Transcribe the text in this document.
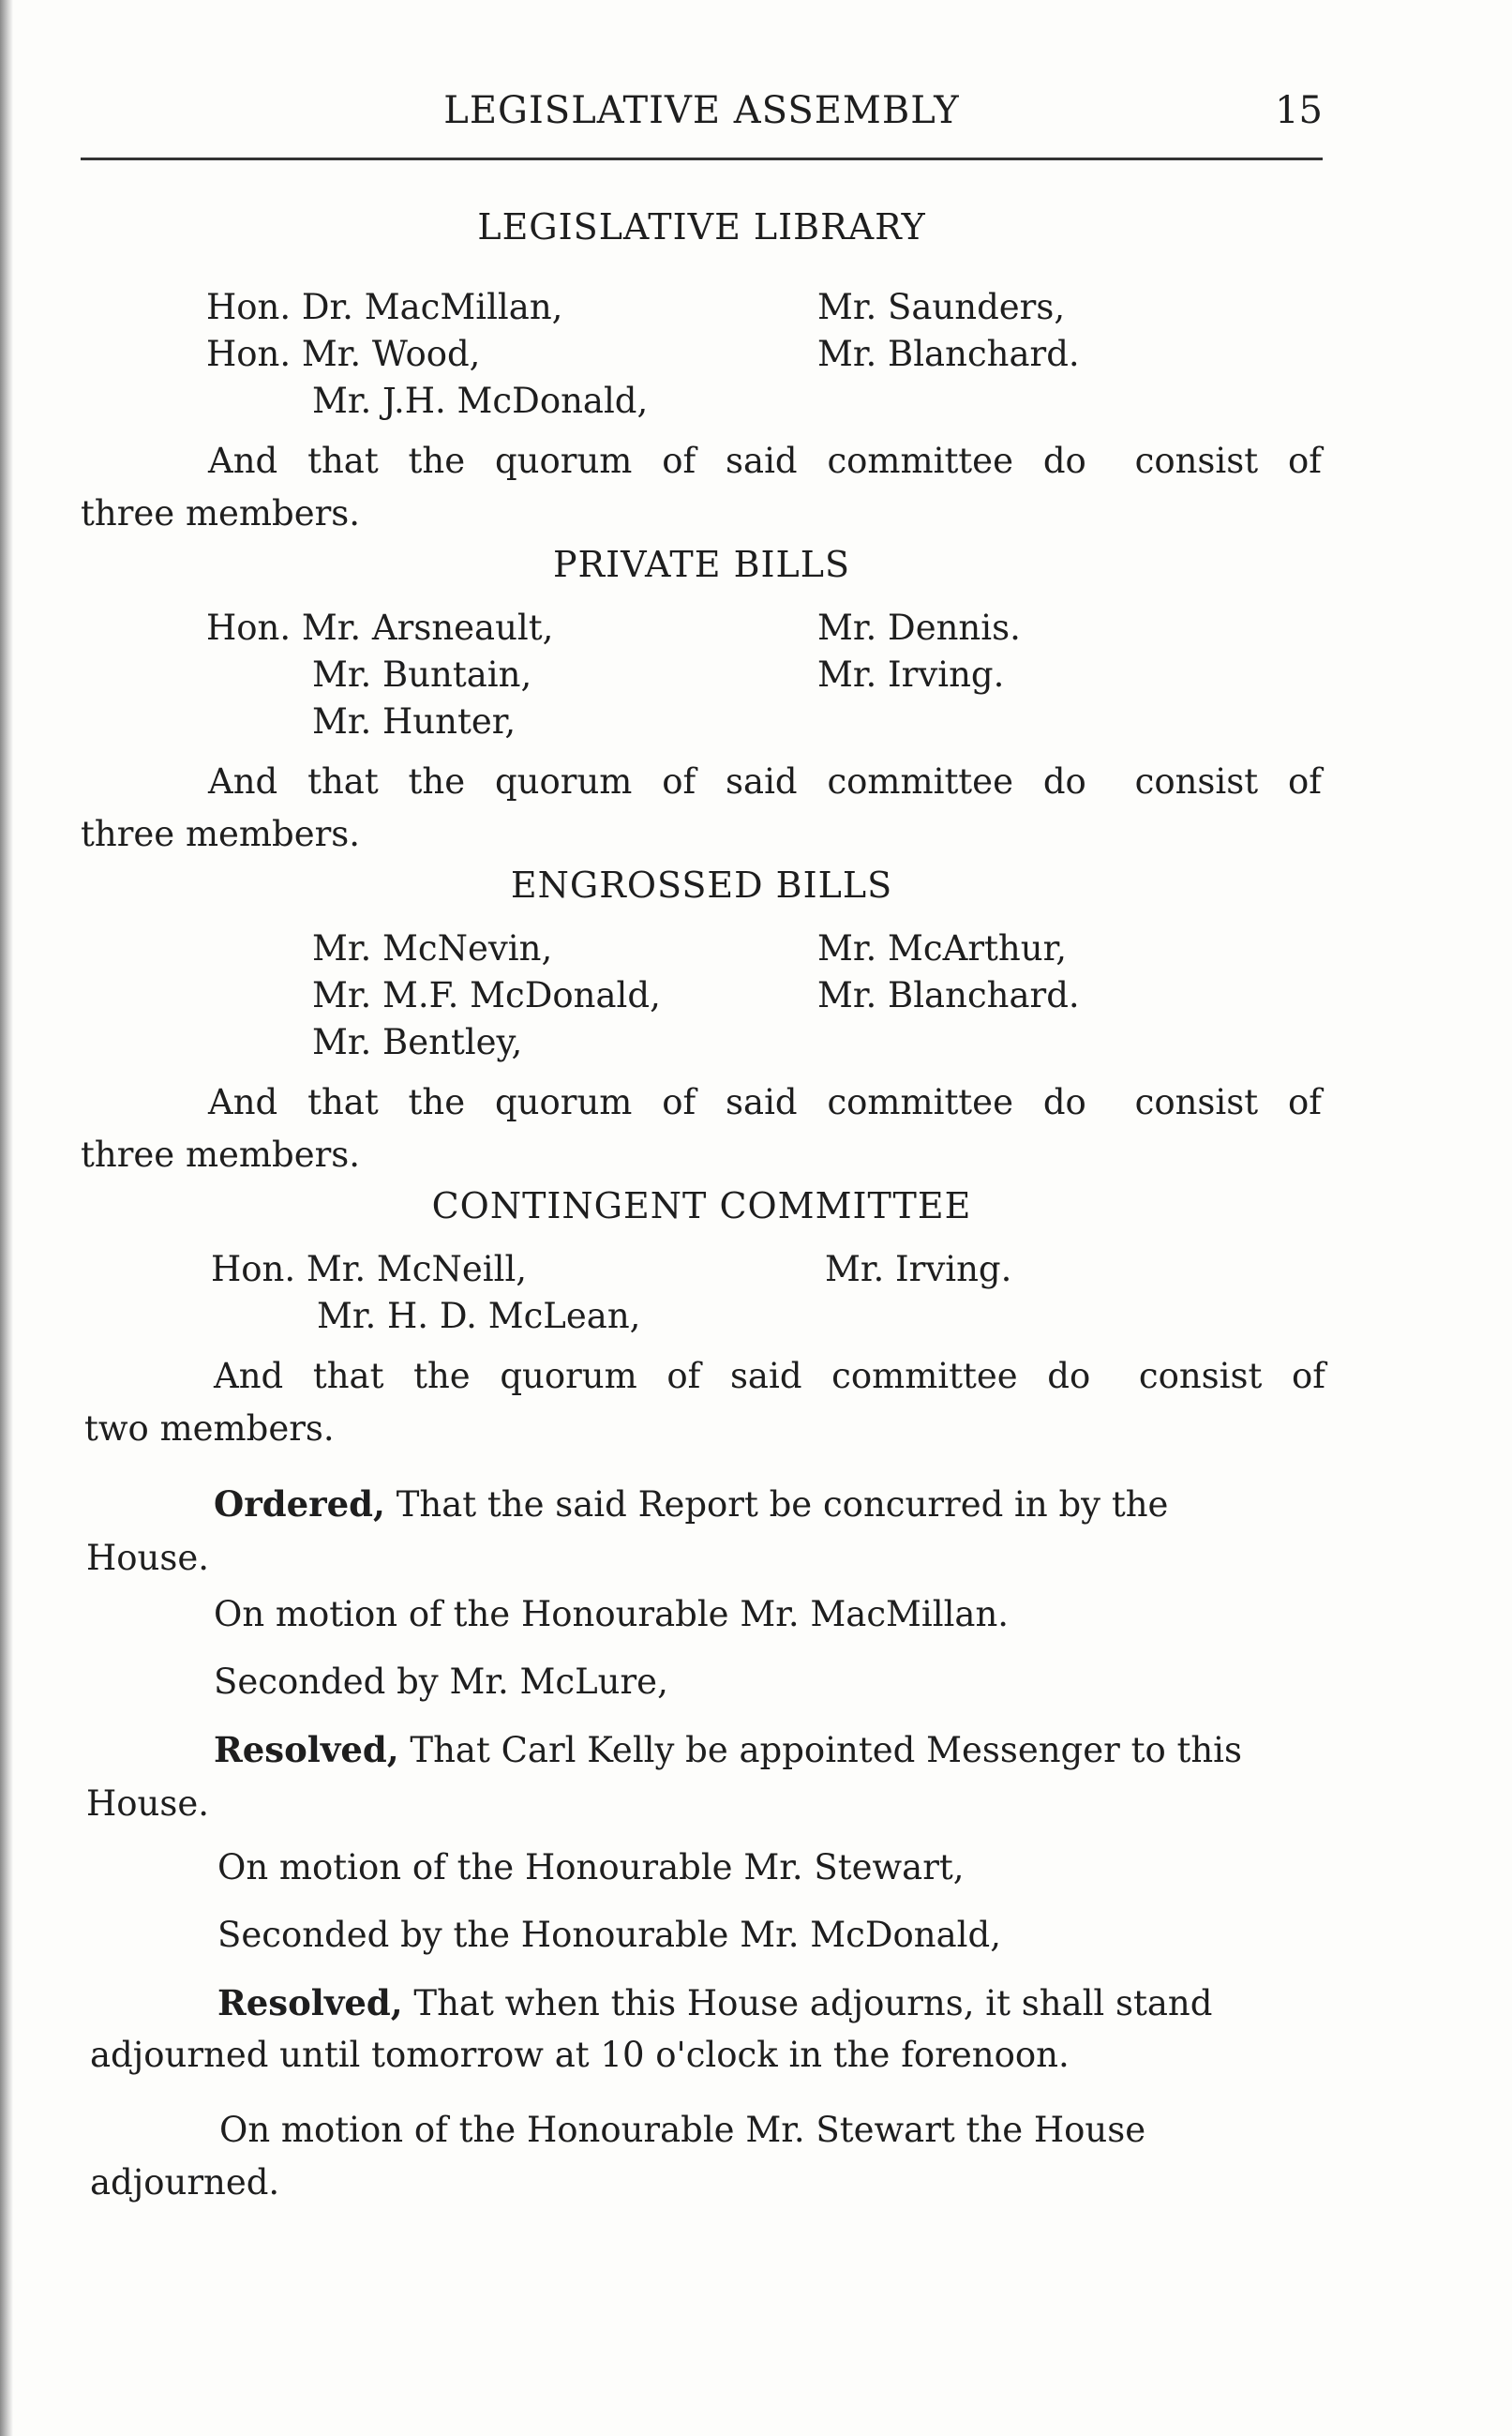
LEGISLATIVE ASSEMBLY	15
LEGISLATIVE LIBRARY
Hon. Dr. MacMillan,
Hon. Mr. Wood,
Mr. J.H. McDonald,
Mr. Saunders,
Mr. Blanchard.
And that the quorum of said committee do consist of
three members.
PRIVATE BILLS
Hon. Mr. Arsneault,
Mr. Buntain,
Mr. Hunter,
Mr. Dennis.
Mr. Irving.
And that the quorum of said committee do consist of
three members.
ENGROSSED BILLS
Mr. McNevin,
Mr. M.F. McDonald,
Mr. Bentley,
Mr. McArthur,
Mr. Blanchard.
And that the quorum of said committee do consist of
three members.
CONTINGENT COMMITTEE
Hon. Mr. McNeill,
Mr. H. D. McLean,
Mr. Irving.
And that the quorum of said committee do consist of
two members.
Ordered, That the said Report be concurred in by the
House.
On motion of the Honourable Mr. MacMillan.
Seconded by Mr. McLure,
Resolved, That Carl Kelly be appointed Messenger to this
House.
On motion of the Honourable Mr. Stewart,
Seconded by the Honourable Mr. McDonald,
Resolved, That when this House adjourns, it shall stand
adjourned until tomorrow at 10 o'clock in the forenoon.
On motion of the Honourable Mr. Stewart the House
adjourned.
